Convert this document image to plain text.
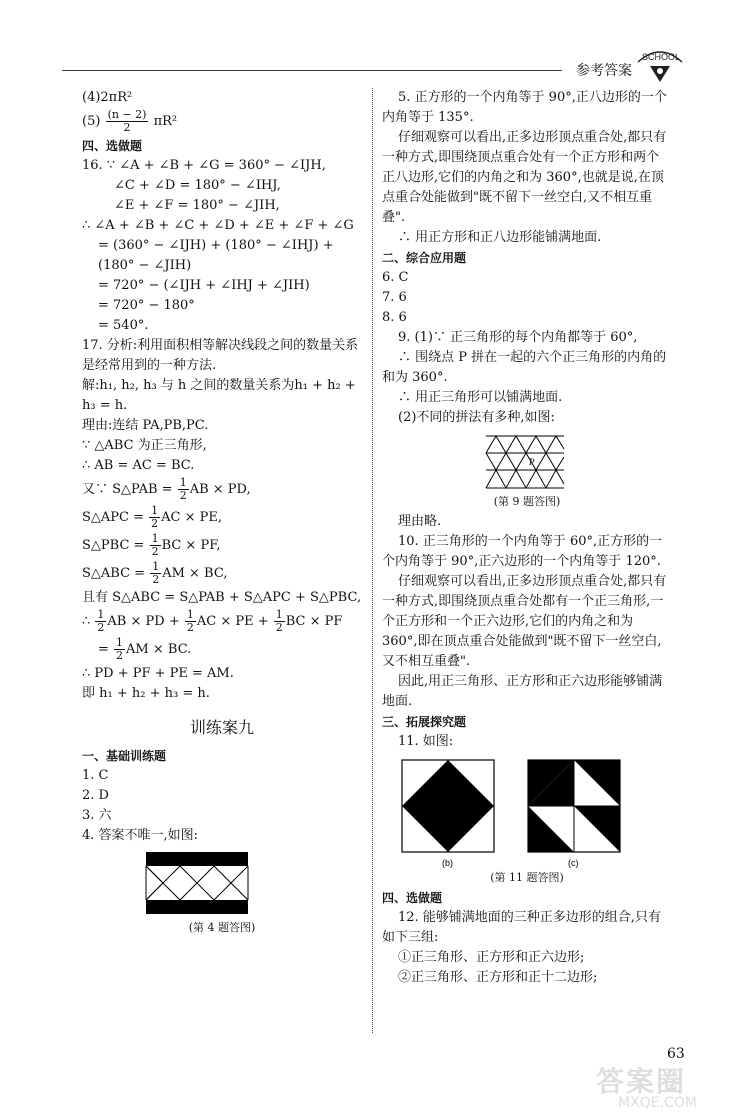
参考答案
SCHOOL
(4)2πR²
$(5) \frac{(n - 2)}{2} \pi R^2$
四、选做题
16. ∵ ∠A + ∠B + ∠G = 360° − ∠IJH,
∠C + ∠D = 180° − ∠IHJ,
∠E + ∠F = 180° − ∠JIH,
∴ ∠A + ∠B + ∠C + ∠D + ∠E + ∠F + ∠G
= (360° − ∠IJH) + (180° − ∠IHJ) +
(180° − ∠JIH)
= 720° − (∠IJH + ∠IHJ + ∠JIH)
= 720° − 180°
= 540°.
17. 分析:利用面积相等解决线段之间的数量关系是经常用到的一种方法.
解:h₁, h₂, h₃ 与 h 之间的数量关系为h₁ + h₂ + h₃ = h.
理由:连结 PA,PB,PC.
∵ △ABC 为正三角形,
∴ AB = AC = BC.
又∵ S△PAB = $\frac{1}{2}$ AB × PD,
S△APC = $\frac{1}{2}$ AC × PE,
S△PBC = $\frac{1}{2}$ BC × PF,
S△ABC = $\frac{1}{2}$ AM × BC,
且有 S△ABC = S△PAB + S△APC + S△PBC,
∴ $\frac{1}{2}$ AB × PD + $\frac{1}{2}$ AC × PE + $\frac{1}{2}$ BC × PF
= $\frac{1}{2}$ AM × BC.
∴ PD + PF + PE = AM.
即 h₁ + h₂ + h₃ = h.
训练案九
一、基础训练题
1. C
2. D
3. 六
4. 答案不唯一,如图:
(第 4 题答图)
5. 正方形的一个内角等于 90°,正八边形的一个内角等于 135°.
仔细观察可以看出,正多边形顶点重合处,都只有一种方式,即围绕顶点重合处有一个正方形和两个正八边形,它们的内角之和为 360°,也就是说,在顶点重合处能做到"既不留下一丝空白,又不相互重叠".
∴ 用正方形和正八边形能铺满地面.
二、综合应用题
6. C
7. 6
8. 6
9. (1)∵ 正三角形的每个内角都等于 60°,
∴ 围绕点 P 拼在一起的六个正三角形的内角的和为 360°.
∴ 用正三角形可以铺满地面.
(2)不同的拼法有多种,如图:
P
(第 9 题答图)
理由略.
10. 正三角形的一个内角等于 60°,正方形的一个内角等于 90°,正六边形的一个内角等于 120°.
仔细观察可以看出,正多边形顶点重合处,都只有一种方式,即围绕顶点重合处都有一个正三角形,一个正方形和一个正六边形,它们的内角之和为 360°,即在顶点重合处能做到"既不留下一丝空白,又不相互重叠".
因此,用正三角形、正方形和正六边形能够铺满地面.
三、拓展探究题
11. 如图:
(b)	(c)
(第 11 题答图)
四、选做题
12. 能够铺满地面的三种正多边形的组合,只有如下三组:
①正三角形、正方形和正六边形;
②正三角形、正方形和正十二边形;
63
答案圈
MXQE.COM
